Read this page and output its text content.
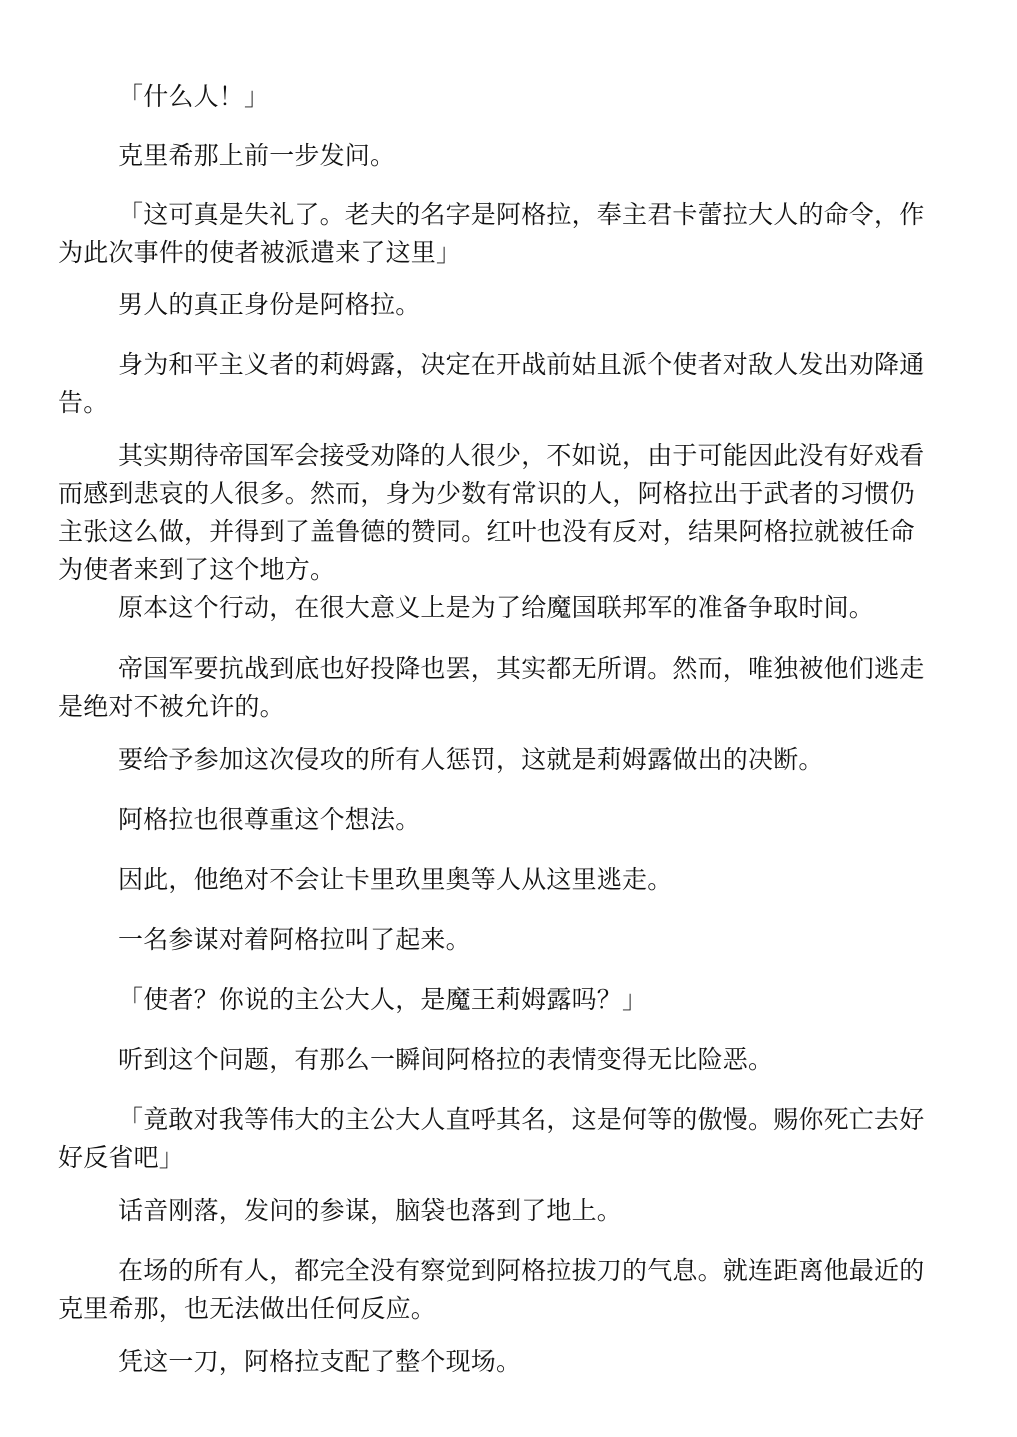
「什么人！」

克里希那上前一步发问。

「这可真是失礼了。老夫的名字是阿格拉，奉主君卡蕾拉大人的命令，作为此次事件的使者被派遣来了这里」

男人的真正身份是阿格拉。

身为和平主义者的莉姆露，决定在开战前姑且派个使者对敌人发出劝降通告。

其实期待帝国军会接受劝降的人很少，不如说，由于可能因此没有好戏看而感到悲哀的人很多。然而，身为少数有常识的人，阿格拉出于武者的习惯仍主张这么做，并得到了盖鲁德的赞同。红叶也没有反对，结果阿格拉就被任命为使者来到了这个地方。

原本这个行动，在很大意义上是为了给魔国联邦军的准备争取时间。

帝国军要抗战到底也好投降也罢，其实都无所谓。然而，唯独被他们逃走是绝对不被允许的。

要给予参加这次侵攻的所有人惩罚，这就是莉姆露做出的决断。

阿格拉也很尊重这个想法。

因此，他绝对不会让卡里玖里奥等人从这里逃走。

一名参谋对着阿格拉叫了起来。

「使者？你说的主公大人，是魔王莉姆露吗？」

听到这个问题，有那么一瞬间阿格拉的表情变得无比险恶。

「竟敢对我等伟大的主公大人直呼其名，这是何等的傲慢。赐你死亡去好好反省吧」

话音刚落，发问的参谋，脑袋也落到了地上。

在场的所有人，都完全没有察觉到阿格拉拔刀的气息。就连距离他最近的克里希那，也无法做出任何反应。

凭这一刀，阿格拉支配了整个现场。
